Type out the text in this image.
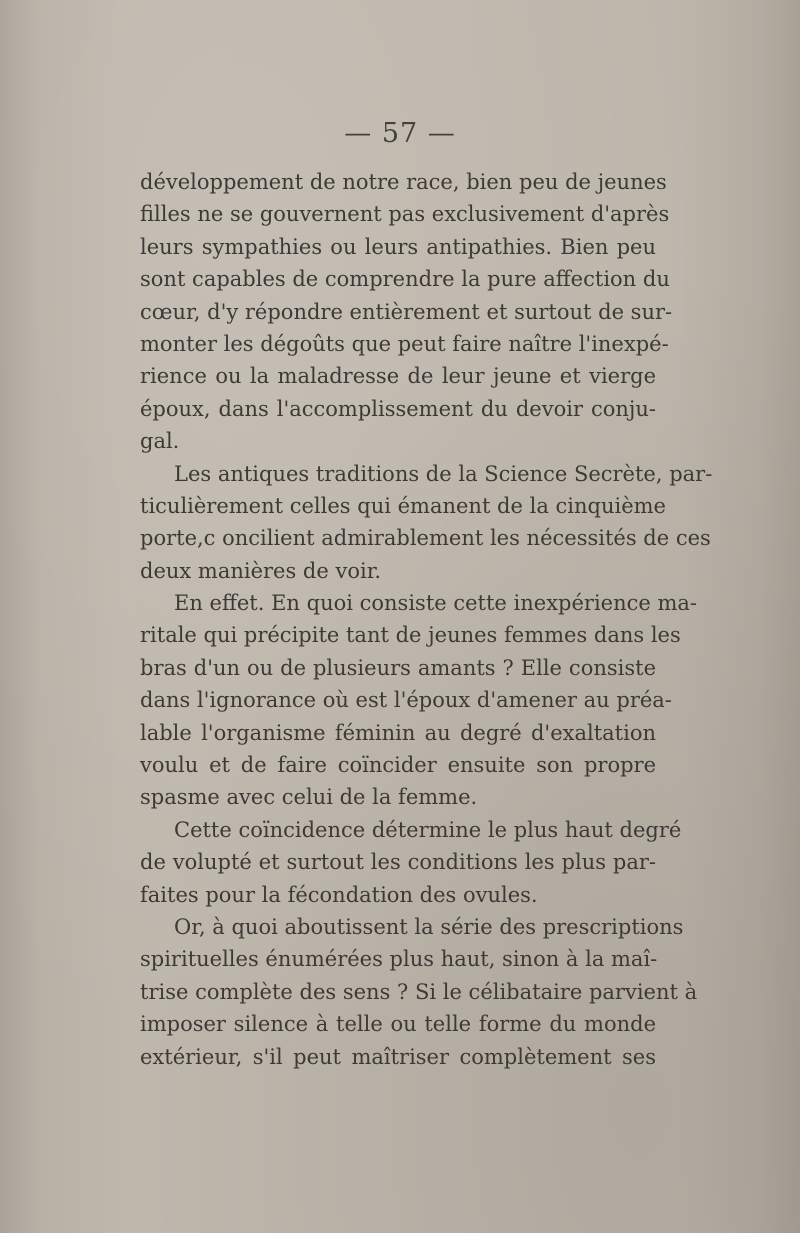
— 57 —
développement de notre race, bien peu de jeunes
filles ne se gouvernent pas exclusivement d'après
leurs sympathies ou leurs antipathies. Bien peu
sont capables de comprendre la pure affection du
cœur, d'y répondre entièrement et surtout de sur-
monter les dégoûts que peut faire naître l'inexpé-
rience ou la maladresse de leur jeune et vierge
époux, dans l'accomplissement du devoir conju-
gal.
Les antiques traditions de la Science Secrète, par-
ticulièrement celles qui émanent de la cinquième
porte,c oncilient admirablement les nécessités de ces
deux manières de voir.
En effet. En quoi consiste cette inexpérience ma-
ritale qui précipite tant de jeunes femmes dans les
bras d'un ou de plusieurs amants ? Elle consiste
dans l'ignorance où est l'époux d'amener au préa-
lable l'organisme féminin au degré d'exaltation
voulu et de faire coïncider ensuite son propre
spasme avec celui de la femme.
Cette coïncidence détermine le plus haut degré
de volupté et surtout les conditions les plus par-
faites pour la fécondation des ovules.
Or, à quoi aboutissent la série des prescriptions
spirituelles énumérées plus haut, sinon à la maî-
trise complète des sens ? Si le célibataire parvient à
imposer silence à telle ou telle forme du monde
extérieur, s'il peut maîtriser complètement ses
